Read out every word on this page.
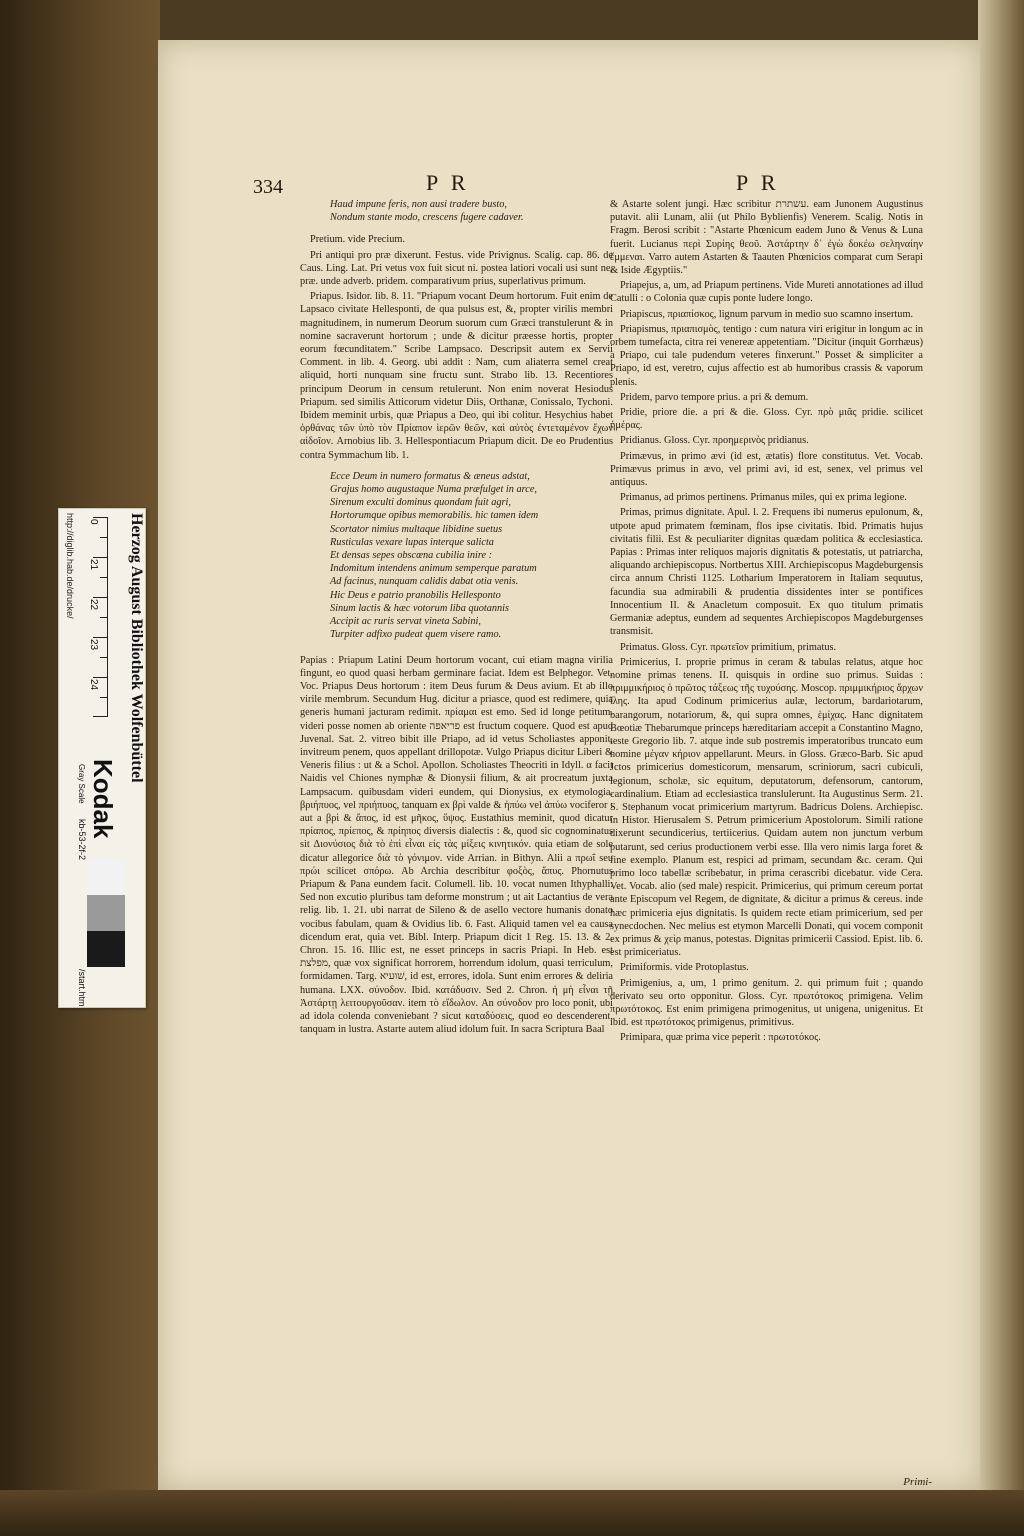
334	P R	P R

Haud impune feris, non ausi tradere busto,

Nondum stante modo, crescens fugere cadaver.

Pretium. vide Precium.

Pri antiqui pro præ dixerunt. Festus. vide Privignus. Scalig. cap. 86. de Caus. Ling. Lat. Pri vetus vox fuit sicut ni. postea latiori vocali usi sunt ne, præ. unde adverb. pridem. comparativum prius, superlativus primum.

Priapus. Isidor. lib. 8. 11. "Priapum vocant Deum hortorum. Fuit enim de Lapsaco civitate Hellesponti, de qua pulsus est, &, propter virilis membri magnitudinem, in numerum Deorum suorum cum Græci transtulerunt & in nomine sacraverunt hortorum ; unde & dicitur præesse hortis, propter eorum fœcunditatem." Scribe Lampsaco. Descripsit autem ex Servii Comment. in lib. 4. Georg. ubi addit : Nam, cum aliaterra semel creat aliquid, horti nunquam sine fructu sunt. Strabo lib. 13. Recentiores principum Deorum in censum retulerunt. Non enim noverat Hesiodus Priapum. sed similis Atticorum videtur Diis, Orthanæ, Conissalo, Tychoni. Ibidem meminit urbis, quæ Priapus a Deo, qui ibi colitur. Hesychius habet ὀρθάνας τῶν ὑπὸ τὸν Πρίαπον ἱερῶν θεῶν, καὶ αὐτὸς ἐντεταμένον ἔχων αἰδοῖον. Arnobius lib. 3. Hellespontiacum Priapum dicit. De eo Prudentius contra Symmachum lib. 1.

Ecce Deum in numero formatus & æneus adstat,

Grajus homo augustaque Numa præfulget in arce,

Sirenum exculti dominus quondam fuit agri,

Hortorumque opibus memorabilis. hic tamen idem

Scortator nimius multaque libidine suetus

Rusticulas vexare lupas interque salicta

Et densas sepes obscœna cubilia inire :

Indomitum intendens animum semperque paratum

Ad facinus, nunquam calidis dabat otia venis.

Hic Deus e patrio pranobilis Hellesponto

Sinum lactis & hæc votorum liba quotannis

Accipit ac ruris servat vineta Sabini,

Turpiter adfixo pudeat quem visere ramo.

Papias : Priapum Latini Deum hortorum vocant, cui etiam magna virilia fingunt, eo quod quasi herbam germinare faciat. Idem est Belphegor. Vet. Voc. Priapus Deus hortorum : item Deus furum & Deus avium. Et ab illo virile membrum. Secundum Hug. dicitur a priasce, quod est redimere, quia generis humani jacturam redimit. πρίαμαι est emo. Sed id longe petitum. videri posse nomen ab oriente פריאפה est fructum coquere. Quod est apud Juvenal. Sat. 2. vitreo bibit ille Priapo, ad id vetus Scholiastes apponit, invitreum penem, quos appellant drillopotæ. Vulgo Priapus dicitur Liberi & Veneris filius : ut & a Schol. Apollon. Scholiastes Theocriti in Idyll. α facit Naidis vel Chiones nymphæ & Dionysii filium, & ait procreatum juxta Lampsacum. quibusdam videri eundem, qui Dionysius, ex etymologia. βριήπυος, vel πριήπυος, tanquam ex βρὶ valde & ἠπύω vel ἀπύω vociferor : aut a βρὶ & ἄπος, id est μῆκος, ὕψος. Eustathius meminit, quod dicatur πρίαπος, πρίεπος, & πρίηπος diversis dialectis : &, quod sic cognominatus sit Διονύσιος διὰ τὸ ἐπὶ εἶναι εἰς τὰς μίξεις κινητικόν. quia etiam de sole dicatur allegorice διὰ τὸ γόνιμον. vide Arrian. in Bithyn. Alii a πρωΐ seu πρώι scilicet σπόρω. Ab Archia describitur φοξὸς, ἄπυς. Phornutus Priapum & Pana eundem facit. Columell. lib. 10. vocat numen Ithyphalli. Sed non excutio pluribus tam deforme monstrum ; ut ait Lactantius de vera relig. lib. 1. 21. ubi narrat de Sileno & de asello vectore humanis donato vocibus fabulam, quam & Ovidius lib. 6. Fast. Aliquid tamen vel ea causa dicendum erat, quia vet. Bibl. Interp. Priapum dicit 1 Reg. 15. 13. & 2. Chron. 15. 16. Illic est, ne esset princeps in sacris Priapi. In Heb. est מפלצת, quæ vox significat horrorem, horrendum idolum, quasi terriculum, formidamen. Targ. שׁוּעיא, id est, errores, idola. Sunt enim errores & deliria humana. LXX. σύνοδον. Ibid. κατάδυσιν. Sed 2. Chron. ἡ μὴ εἶναι τῇ Ἀστάρτῃ λειτουργοῦσαν. item τὸ εἴδωλον. An σύνοδον pro loco ponit, ubi ad idola colenda conveniebant ? sicut καταδύσεις, quod eo descenderent, tanquam in lustra. Astarte autem aliud idolum fuit. In sacra Scriptura Baal

& Astarte solent jungi. Hæc scribitur עשתרת. eam Junonem Augustinus putavit. alii Lunam, alii (ut Philo Byblienfis) Venerem. Scalig. Notis in Fragm. Berosi scribit : "Astarte Phœnicum eadem Juno & Venus & Luna fuerit. Lucianus περὶ Συρίης θεοῦ. Ἀστάρτην δ᾽ ἐγὼ δοκέω σεληναίην ἔμμεναι. Varro autem Astarten & Taauten Phœnicios comparat cum Serapi & Iside Ægyptiis."

Priapejus, a, um, ad Priapum pertinens. Vide Mureti annotationes ad illud Catulli : o Colonia quæ cupis ponte ludere longo.

Priapiscus, πριαπίσκος, lignum parvum in medio suo scamno insertum.

Priapismus, πριαπισμὸς, tentigo : cum natura viri erigitur in longum ac in orbem tumefacta, citra rei venereæ appetentiam. "Dicitur (inquit Gorrhæus) a Priapo, cui tale pudendum veteres finxerunt." Posset & simpliciter a Priapo, id est, veretro, cujus affectio est ab humoribus crassis & vaporum plenis.

Pridem, parvo tempore prius. a pri & demum.

Pridie, priore die. a pri & die. Gloss. Cyr. πρὸ μιᾶς pridie. scilicet ἡμέρας.

Pridianus. Gloss. Cyr. προημερινὸς pridianus.

Primævus, in primo ævi (id est, ætatis) flore constitutus. Vet. Vocab. Primævus primus in ævo, vel primi avi, id est, senex, vel primus vel antiquus.

Primanus, ad primos pertinens. Primanus miles, qui ex prima legione.

Primas, primus dignitate. Apul. l. 2. Frequens ibi numerus epulonum, &, utpote apud primatem fœminam, flos ipse civitatis. Ibid. Primatis hujus civitatis filii. Est & peculiariter dignitas quædam politica & ecclesiastica. Papias : Primas inter reliquos majoris dignitatis & potestatis, ut patriarcha, aliquando archiepiscopus. Nortbertus XIII. Archiepiscopus Magdeburgensis circa annum Christi 1125. Lotharium Imperatorem in Italiam sequutus, facundia sua admirabili & prudentia dissidentes inter se pontifices Innocentium II. & Anacletum composuit. Ex quo titulum primatis Germaniæ adeptus, eundem ad sequentes Archiepiscopos Magdeburgenses transmisit.

Primatus. Gloss. Cyr. πρωτεῖον primitium, primatus.

Primicerius, I. proprie primus in ceram & tabulas relatus, atque hoc nomine primas tenens. II. quisquis in ordine suo primus. Suidas : πριμμικήριος ὁ πρῶτος τάξεως τῆς τυχούσης. Moscop. πριμμικήριος ἄρχων ἴλης. Ita apud Codinum primicerius aulæ, lectorum, bardariotarum, barangorum, notariorum, &, qui supra omnes, ἑμίχας. Hanc dignitatem Bœotiæ Thebarumque princeps hæreditariam accepit a Constantino Magno, teste Gregorio lib. 7. atque inde sub postremis imperatoribus truncato eum nomine μέγαν κήριον appellarunt. Meurs. in Gloss. Græco-Barb. Sic apud Jctos primicerius domesticorum, mensarum, scriniorum, sacri cubiculi, legionum, scholæ, sic equitum, deputatorum, defensorum, cantorum, cardinalium. Etiam ad ecclesiastica translulerunt. Ita Augustinus Serm. 21. S. Stephanum vocat primicerium martyrum. Badricus Dolens. Archiepisc. in Histor. Hierusalem S. Petrum primicerium Apostolorum. Simili ratione dixerunt secundicerius, tertiicerius. Quidam autem non junctum verbum putarunt, sed cerius productionem verbi esse. Illa vero nimis larga foret & fine exemplo. Planum est, respici ad primam, secundam &c. ceram. Qui primo loco tabellæ scribebatur, in prima cerascribi dicebatur. vide Cera. Vet. Vocab. alio (sed male) respicit. Primicerius, qui primum cereum portat ante Episcopum vel Regem, de dignitate, & dicitur a primus & cereus. inde hæc primiceria ejus dignitatis. Is quidem recte etiam primicerium, sed per synecdochen. Nec melius est etymon Marcelli Donati, qui vocem componit ex primus & χεὶρ manus, potestas. Dignitas primicerii Cassiod. Epist. lib. 6. est primiceriatus.

Primiformis. vide Protoplastus.

Primigenius, a, um, 1 primo genitum. 2. qui primum fuit ; quando derivato seu orto opponitur. Gloss. Cyr. πρωτότοκος primigena. Velim πρωτότοκος. Est enim primigena primogenitus, ut unigena, unigenitus. Et ibid. est πρωτότοκος primigenus, primitivus.

Primipara, quæ prima vice peperit : πρωτοτόκος.

Primi-
Herzog August Bibliothek Wolfenbüttel
http://diglib.hab.de/drucke/	0
21
22
23
24
Kodak
Gray Scale
kb-53-2f-2
/start.htm
